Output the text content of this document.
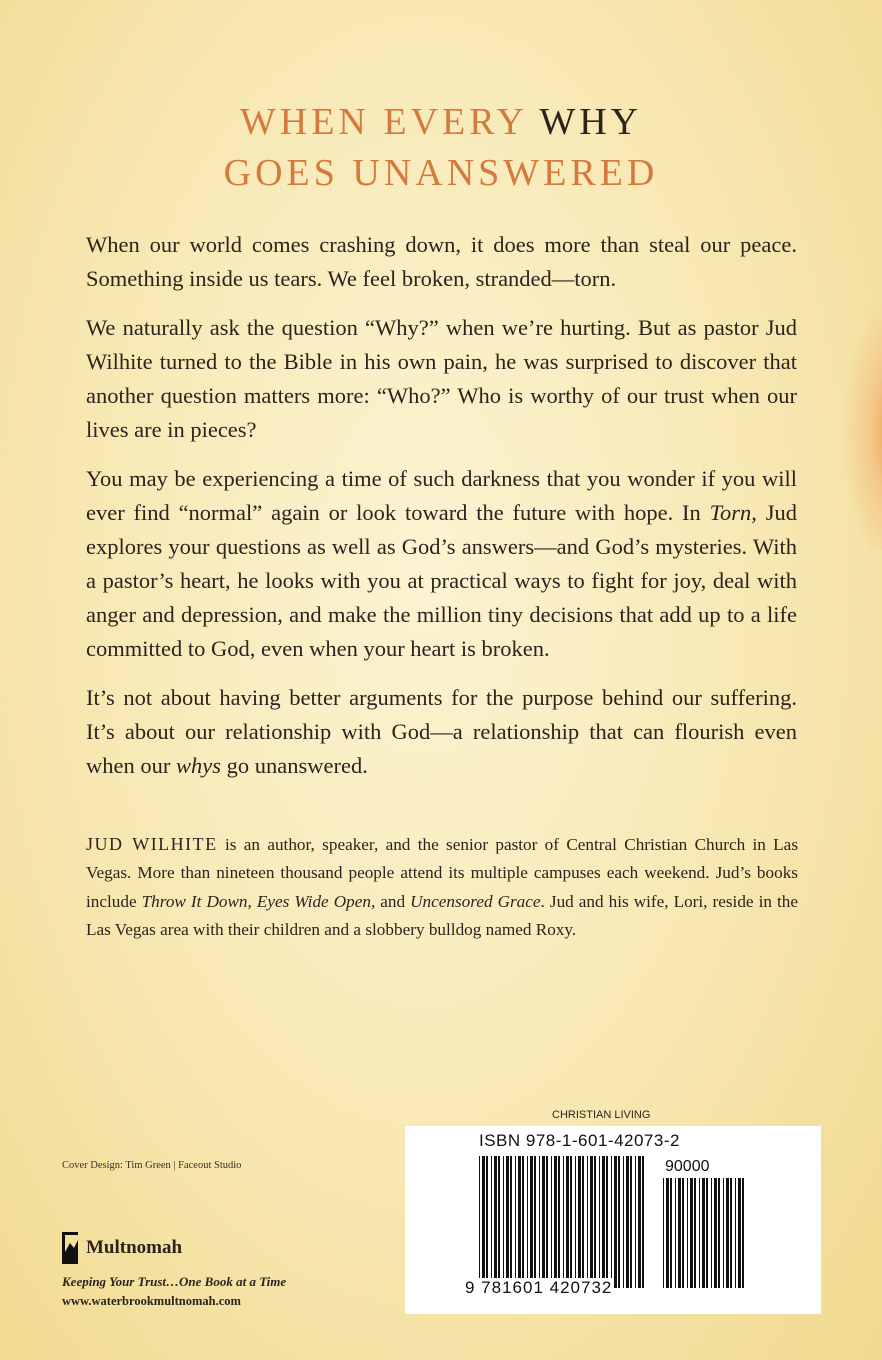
WHEN EVERY WHY
GOES UNANSWERED

When our world comes crashing down, it does more than steal our peace. Something inside us tears. We feel broken, stranded—torn.

We naturally ask the question “Why?” when we’re hurting. But as pastor Jud Wilhite turned to the Bible in his own pain, he was surprised to discover that another question matters more: “Who?” Who is worthy of our trust when our lives are in pieces?

You may be experiencing a time of such darkness that you wonder if you will ever find “normal” again or look toward the future with hope. In Torn, Jud explores your questions as well as God’s answers—and God’s mysteries. With a pastor’s heart, he looks with you at practical ways to fight for joy, deal with anger and depression, and make the million tiny decisions that add up to a life committed to God, even when your heart is broken.

It’s not about having better arguments for the purpose behind our suffering. It’s about our relationship with God—a relationship that can flourish even when our whys go unanswered.

JUD WILHITE is an author, speaker, and the senior pastor of Central Christian Church in Las Vegas. More than nineteen thousand people attend its multiple campuses each weekend. Jud’s books include Throw It Down, Eyes Wide Open, and Uncensored Grace. Jud and his wife, Lori, reside in the Las Vegas area with their children and a slobbery bulldog named Roxy.
Cover Design: Tim Green | Faceout Studio
Multnomah
Keeping Your Trust…One Book at a Time
www.waterbrookmultnomah.com
CHRISTIAN LIVING
ISBN 978-1-601-42073-2
90000
9 781601 420732
